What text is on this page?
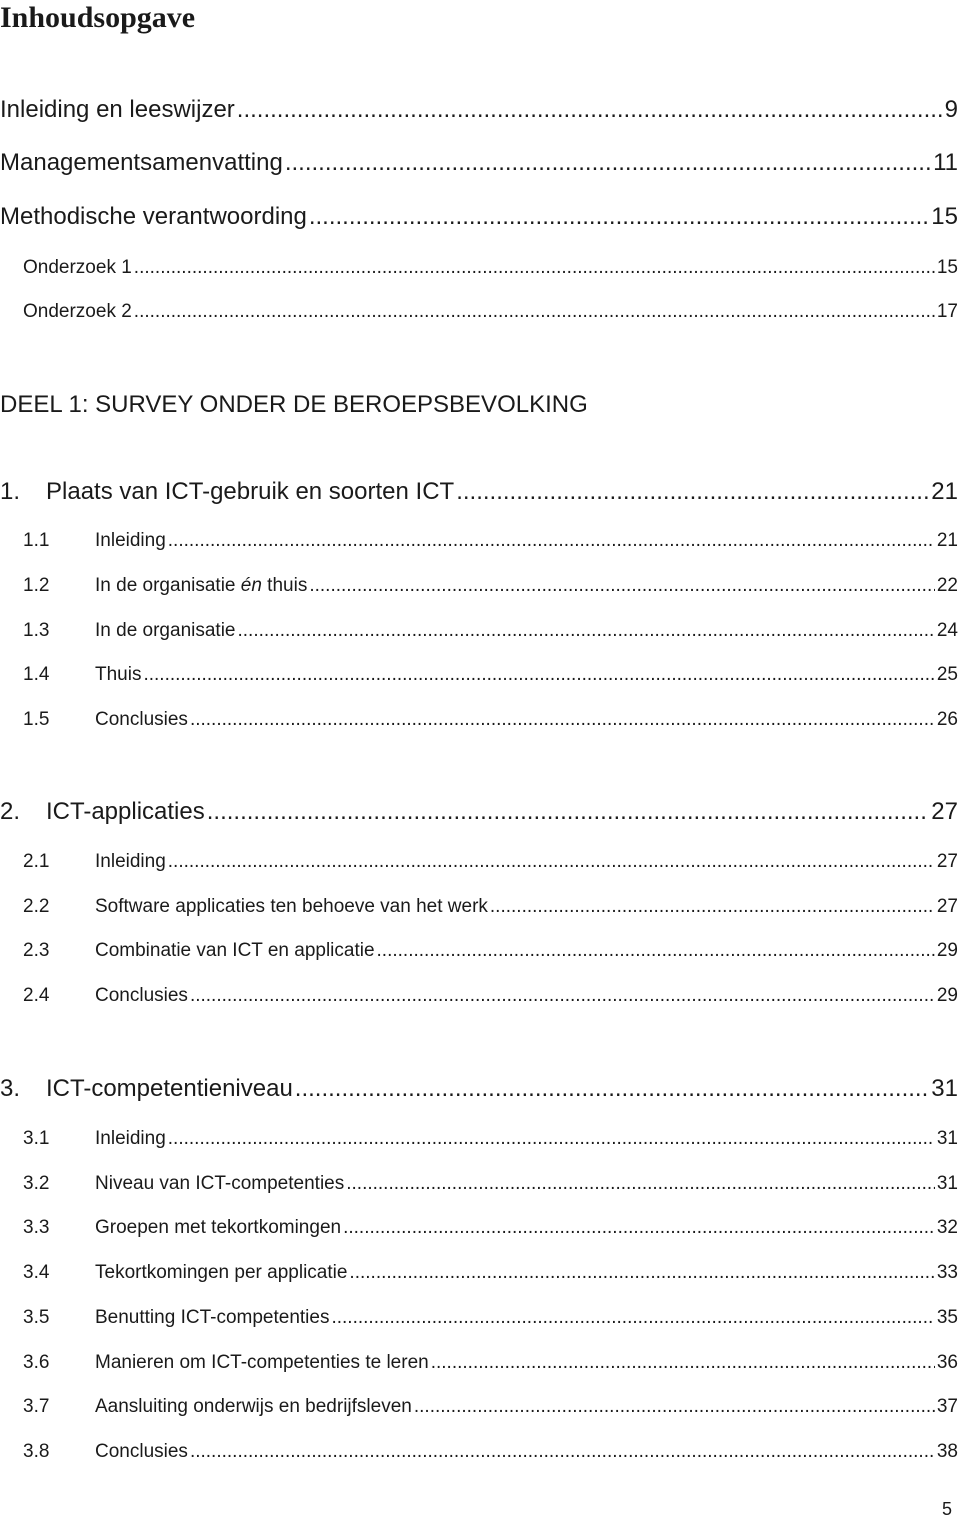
Inhoudsopgave
Inleiding en leeswijzer .....	9
Managementsamenvatting .....	11
Methodische verantwoording .....	15
Onderzoek 1 .....	15
Onderzoek 2 .....	17
DEEL 1: SURVEY ONDER DE BEROEPSBEVOLKING
1. Plaats van ICT-gebruik en soorten ICT .....	21
1.1 Inleiding .....	21
1.2 In de organisatie én thuis .....	22
1.3 In de organisatie .....	24
1.4 Thuis .....	25
1.5 Conclusies .....	26
2. ICT-applicaties .....	27
2.1 Inleiding .....	27
2.2 Software applicaties ten behoeve van het werk .....	27
2.3 Combinatie van ICT en applicatie .....	29
2.4 Conclusies .....	29
3. ICT-competentieniveau .....	31
3.1 Inleiding .....	31
3.2 Niveau van ICT-competenties .....	31
3.3 Groepen met tekortkomingen .....	32
3.4 Tekortkomingen per applicatie .....	33
3.5 Benutting ICT-competenties .....	35
3.6 Manieren om ICT-competenties te leren .....	36
3.7 Aansluiting onderwijs en bedrijfsleven .....	37
3.8 Conclusies .....	38
5
